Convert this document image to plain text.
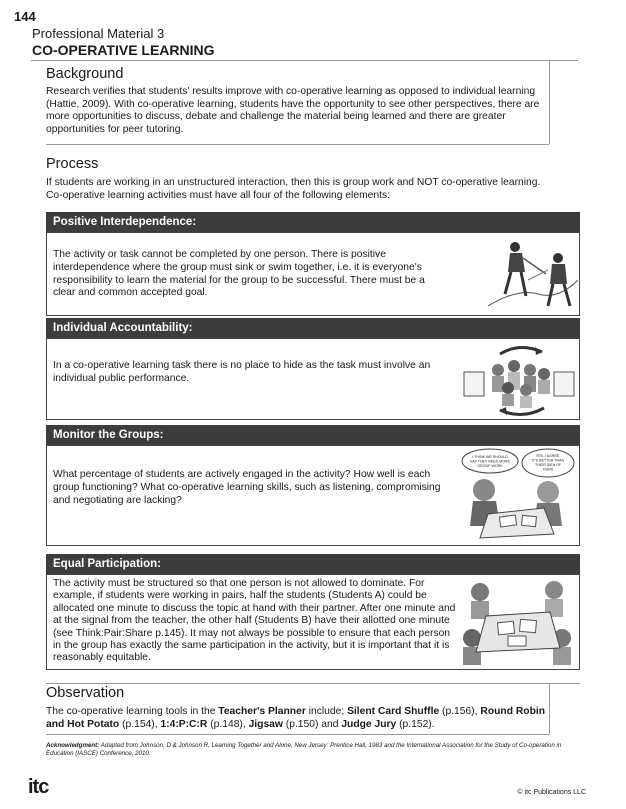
144
Professional Material 3
CO-OPERATIVE LEARNING
Background
Research verifies that students' results improve with co-operative learning as opposed to individual learning (Hattie, 2009). With co-operative learning, students have the opportunity to see other perspectives, there are more opportunities to discuss, debate and challenge the material being learned and there are greater opportunities for peer tutoring.
Process
If students are working in an unstructured interaction, then this is group work and NOT co-operative learning. Co-operative learning activities must have all four of the following elements:
Positive Interdependence:
The activity or task cannot be completed by one person. There is positive interdependence where the group must sink or swim together, i.e. it is everyone's responsibility to learn the material for the group to be successful. There must be a clear and common accepted goal.
Individual Accountability:
In a co-operative learning task there is no place to hide as the task must involve an individual public performance.
Monitor the Groups:
What percentage of students are actively engaged in the activity? How well is each group functioning? What co-operative learning skills, such as listening, compromising and negotiating are lacking?
I THINK WE SHOULD
SAY THEY NEED MORE
GROUP WORK
YES, I AGREE.
IT'S BETTER THAN
THEIR IDEA OF
OURS
Equal Participation:
The activity must be structured so that one person is not allowed to dominate. For example, if students were working in pairs, half the students (Students A) could be allocated one minute to discuss the topic at hand with their partner. After one minute and at the signal from the teacher, the other half (Students B) have their allotted one minute (see Think:Pair:Share p.145). It may not always be possible to ensure that each person in the group has exactly the same participation in the activity, but it is important that it is reasonably equitable.
Observation
The co-operative learning tools in the Teacher's Planner include; Silent Card Shuffle (p.156), Round Robin and Hot Potato (p.154), 1:4:P:C:R (p.148), Jigsaw (p.150) and Judge Jury (p.152).
Acknowledgment: Adapted from Johnson, D & Johnson R, Learning Together and Alone, New Jersey: Prentice Hall, 1983 and the International Association for the Study of Co-operation in Education (IASCE) Conference, 2010.
itc	© itc Publications LLC
